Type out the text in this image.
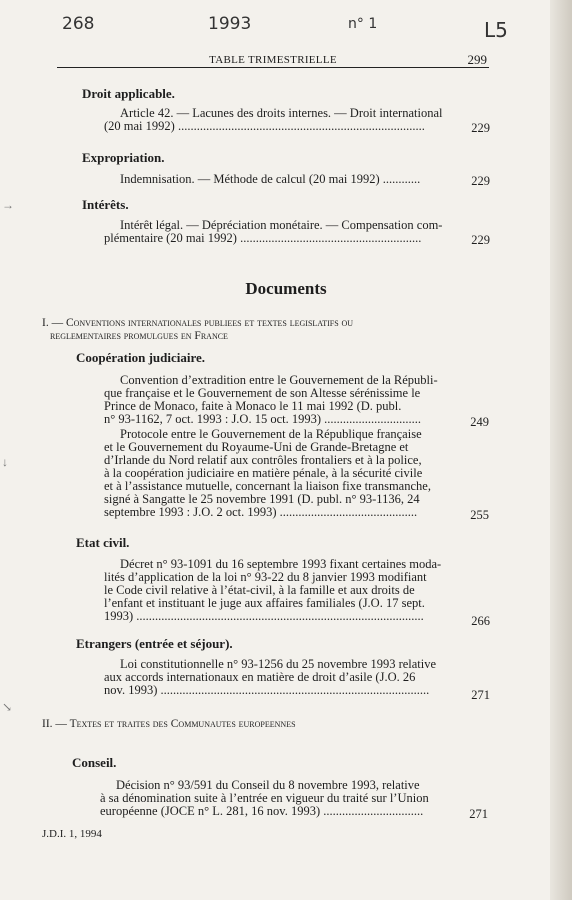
268	1993	n° 1	L5
TABLE TRIMESTRIELLE	299
Droit applicable.

Article 42. — Lacunes des droits internes. — Droit international

(20 mai 1992) ...............................................................................	229
Expropriation.

Indemnisation. — Méthode de calcul (20 mai 1992) ............	229
Intérêts.

Intérêt légal. — Dépréciation monétaire. — Compensation com-

plémentaire (20 mai 1992) ..........................................................	229
Documents
I. — Conventions internationales publiees et textes legislatifs ou
reglementaires promulgues en France
Coopération judiciaire.

Convention d’extradition entre le Gouvernement de la Républi-

que française et le Gouvernement de son Altesse sérénissime le

Prince de Monaco, faite à Monaco le 11 mai 1992 (D. publ.

n° 93-1162, 7 oct. 1993 : J.O. 15 oct. 1993) ...............................	249

Protocole entre le Gouvernement de la République française

et le Gouvernement du Royaume-Uni de Grande-Bretagne et

d’Irlande du Nord relatif aux contrôles frontaliers et à la police,

à la coopération judiciaire en matière pénale, à la sécurité civile

et à l’assistance mutuelle, concernant la liaison fixe transmanche,

signé à Sangatte le 25 novembre 1991 (D. publ. n° 93-1136, 24

septembre 1993 : J.O. 2 oct. 1993) ............................................	255
Etat civil.

Décret n° 93-1091 du 16 septembre 1993 fixant certaines moda-

lités d’application de la loi n° 93-22 du 8 janvier 1993 modifiant

le Code civil relative à l’état-civil, à la famille et aux droits de

l’enfant et instituant le juge aux affaires familiales (J.O. 17 sept.

1993) ............................................................................................	266
Etrangers (entrée et séjour).

Loi constitutionnelle n° 93-1256 du 25 novembre 1993 relative

aux accords internationaux en matière de droit d’asile (J.O. 26

nov. 1993) ......................................................................................	271
II. — Textes et traites des Communautes europeennes
Conseil.

Décision n° 93/591 du Conseil du 8 novembre 1993, relative

à sa dénomination suite à l’entrée en vigueur du traité sur l’Union

européenne (JOCE n° L. 281, 16 nov. 1993) ................................	271
J.D.I. 1, 1994
→
↓
↘
